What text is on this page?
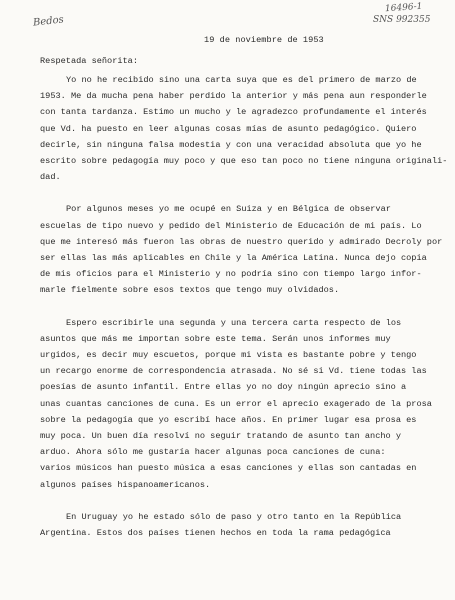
Bedos
16496-1
SNS 992355
19 de noviembre de 1953
Respetada señorita:

Yo no he recibido sino una carta suya que es del primero de marzo de
1953. Me da mucha pena haber perdido la anterior y más pena aun responderle
con tanta tardanza. Estimo un mucho y le agradezco profundamente el interés
que Vd. ha puesto en leer algunas cosas mías de asunto pedagógico. Quiero
decirle, sin ninguna falsa modestia y con una veracidad absoluta que yo he
escrito sobre pedagogía muy poco y que eso tan poco no tiene ninguna originali-
dad.

Por algunos meses yo me ocupé en Suiza y en Bélgica de observar
escuelas de tipo nuevo y pedido del Ministerio de Educación de mi país. Lo
que me interesó más fueron las obras de nuestro querido y admirado Decroly por
ser ellas las más aplicables en Chile y la América Latina. Nunca dejo copia
de mis oficios para el Ministerio y no podría sino con tiempo largo infor-
marle fielmente sobre esos textos que tengo muy olvidados.

Espero escribirle una segunda y una tercera carta respecto de los
asuntos que más me importan sobre este tema. Serán unos informes muy
urgidos, es decir muy escuetos, porque mi vista es bastante pobre y tengo
un recargo enorme de correspondencia atrasada. No sé si Vd. tiene todas las
poesías de asunto infantil. Entre ellas yo no doy ningún aprecio sino a
unas cuantas canciones de cuna. Es un error el aprecio exagerado de la prosa
sobre la pedagogía que yo escribí hace años. En primer lugar esa prosa es
muy poca. Un buen día resolví no seguir tratando de asunto tan ancho y
arduo. Ahora sólo me gustaría hacer algunas poca canciones de cuna:
varios músicos han puesto música a esas canciones y ellas son cantadas en
algunos países hispanoamericanos.

En Uruguay yo he estado sólo de paso y otro tanto en la República
Argentina. Estos dos países tienen hechos en toda la rama pedagógica
